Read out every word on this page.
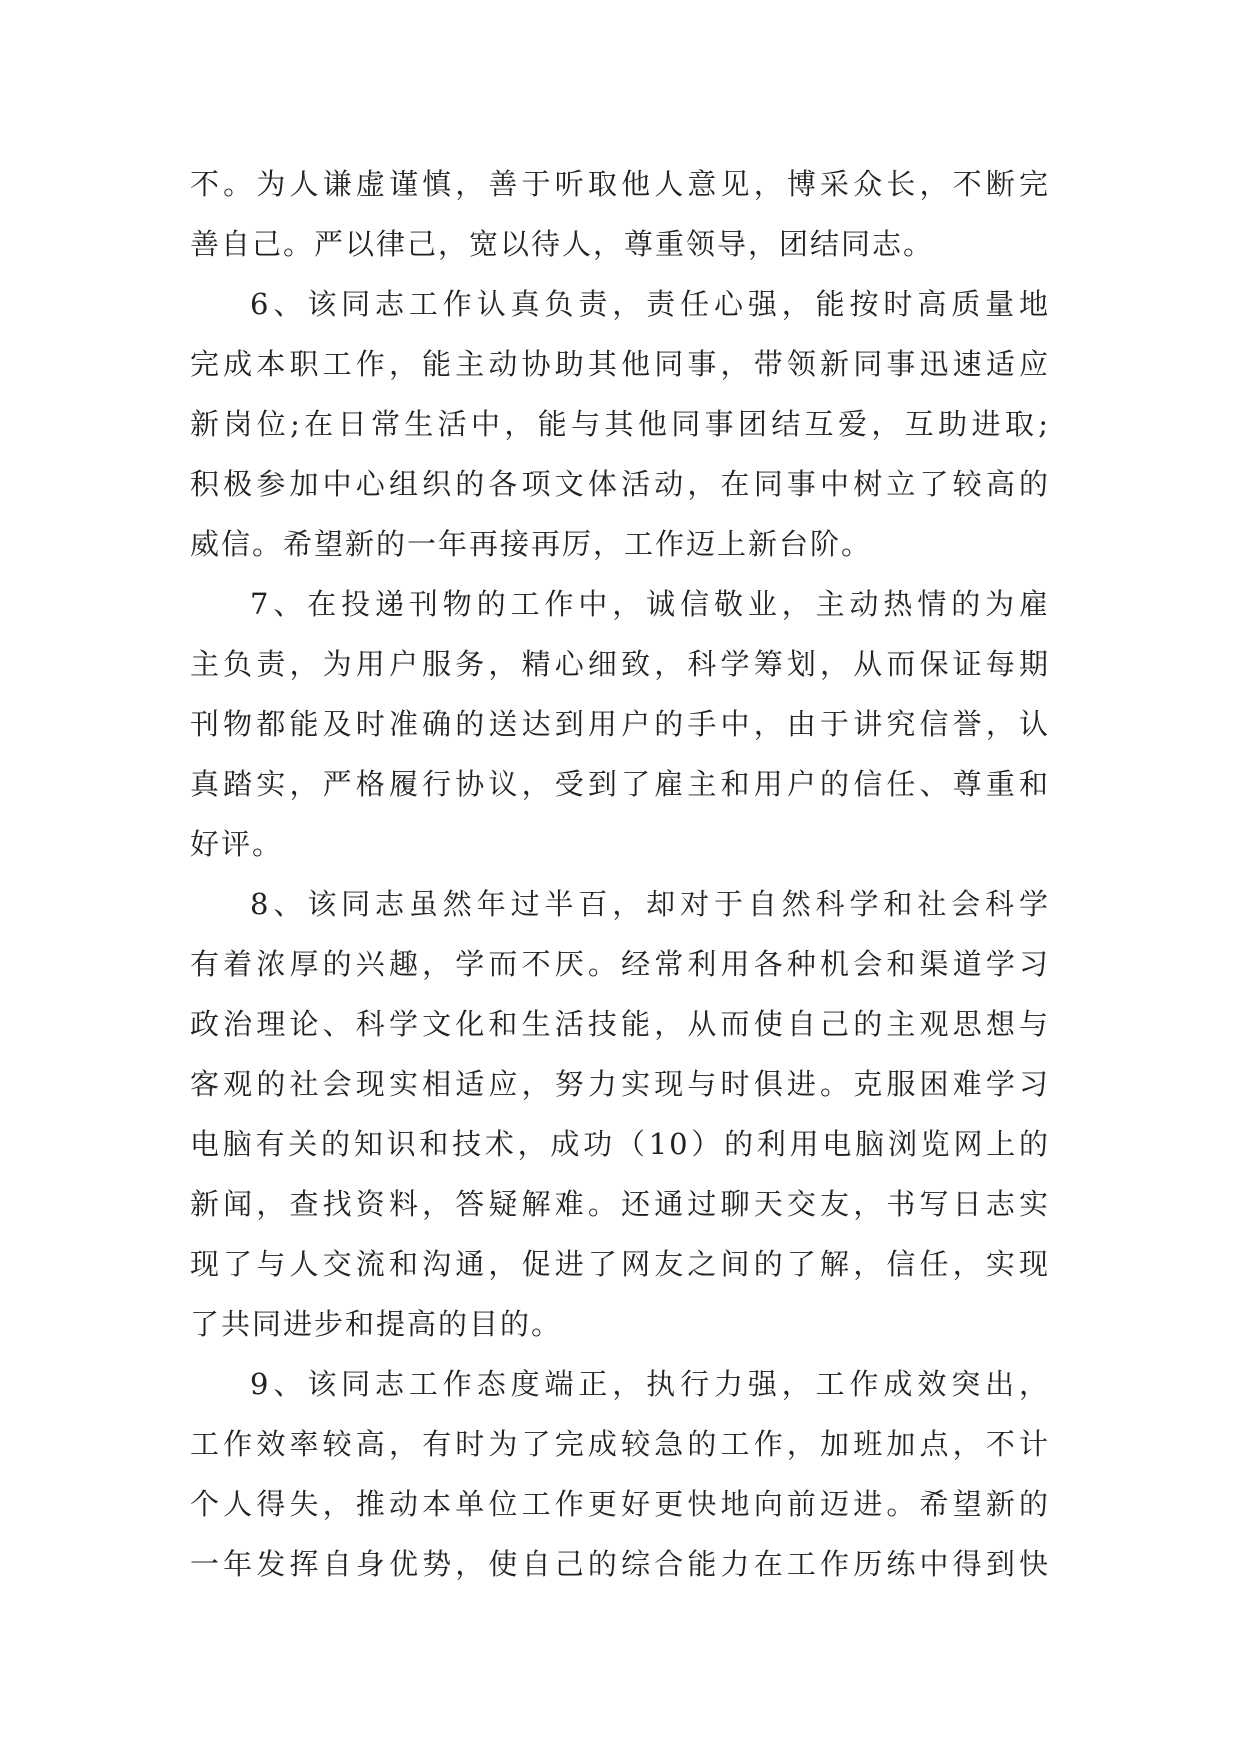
不。为人谦虚谨慎，善于听取他人意见，博采众长，不断完
善自己。严以律己，宽以待人，尊重领导，团结同志。
6、该同志工作认真负责，责任心强，能按时高质量地
完成本职工作，能主动协助其他同事，带领新同事迅速适应
新岗位;在日常生活中，能与其他同事团结互爱，互助进取;
积极参加中心组织的各项文体活动，在同事中树立了较高的
威信。希望新的一年再接再厉，工作迈上新台阶。
7、在投递刊物的工作中，诚信敬业，主动热情的为雇
主负责，为用户服务，精心细致，科学筹划，从而保证每期
刊物都能及时准确的送达到用户的手中，由于讲究信誉，认
真踏实，严格履行协议，受到了雇主和用户的信任、尊重和
好评。
8、该同志虽然年过半百，却对于自然科学和社会科学
有着浓厚的兴趣，学而不厌。经常利用各种机会和渠道学习
政治理论、科学文化和生活技能，从而使自己的主观思想与
客观的社会现实相适应，努力实现与时俱进。克服困难学习
电脑有关的知识和技术，成功（10）的利用电脑浏览网上的
新闻，查找资料，答疑解难。还通过聊天交友，书写日志实
现了与人交流和沟通，促进了网友之间的了解，信任，实现
了共同进步和提高的目的。
9、该同志工作态度端正，执行力强，工作成效突出，
工作效率较高，有时为了完成较急的工作，加班加点，不计
个人得失，推动本单位工作更好更快地向前迈进。希望新的
一年发挥自身优势，使自己的综合能力在工作历练中得到快
